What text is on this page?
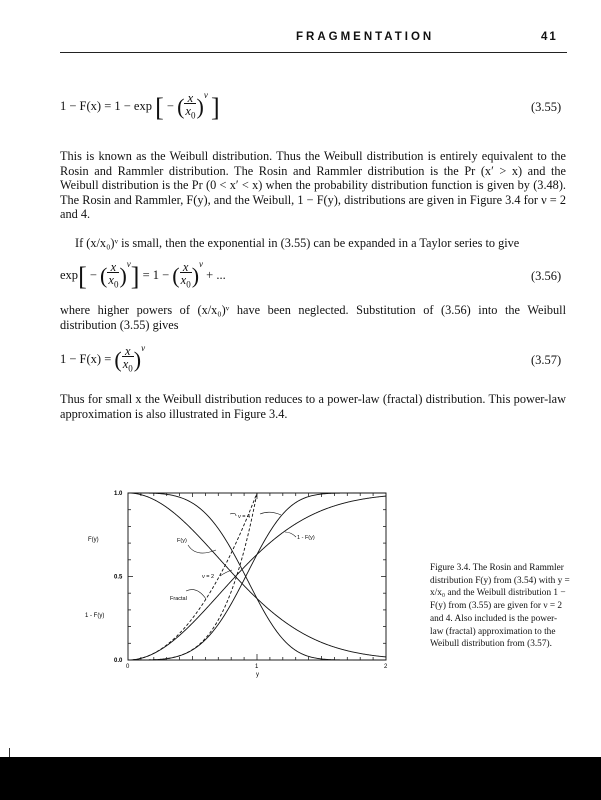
FRAGMENTATION	41
1 − F(x) = 1 − exp [ − $(\frac{x}{x_0})^\nu$ ]	(3.55)

This is known as the Weibull distribution. Thus the Weibull distribution is entirely equivalent to the Rosin and Rammler distribution. The Rosin and Rammler distribution is the Pr (x′ > x) and the Weibull distribution is the Pr (0 < x′ < x) when the probability distribution function is given by (3.48). The Rosin and Rammler, F(y), and the Weibull, 1 − F(y), distributions are given in Figure 3.4 for ν = 2 and 4.

If (x/x₀)ᵛ is small, then the exponential in (3.55) can be expanded in a Taylor series to give

$\exp[ - (\frac{x}{x_0})^\nu] = 1 - (\frac{x}{x_0})^\nu$ + ...	(3.56)

where higher powers of (x/x₀)ᵛ have been neglected. Substitution of (3.56) into the Weibull distribution (3.55) gives

$1 - F(x) = (\frac{x}{x_0})^\nu$
(3.57)

Thus for small x the Weibull distribution reduces to a power-law (fractal) distribution. This power-law approximation is also illustrated in Figure 3.4.

0	1	2
0.0
0.5
1.0
ν = 4
F(y)	1 - F(y)
ν = 2
Fractal
F(y)
1 - F(y)
y

Figure 3.4. The Rosin and Rammler distribution F(y) from (3.54) with y = x/x₀ and the Weibull distribution 1 − F(y) from (3.55) are given for ν = 2 and 4. Also included is the power-law (fractal) approximation to the Weibull distribution from (3.57).
